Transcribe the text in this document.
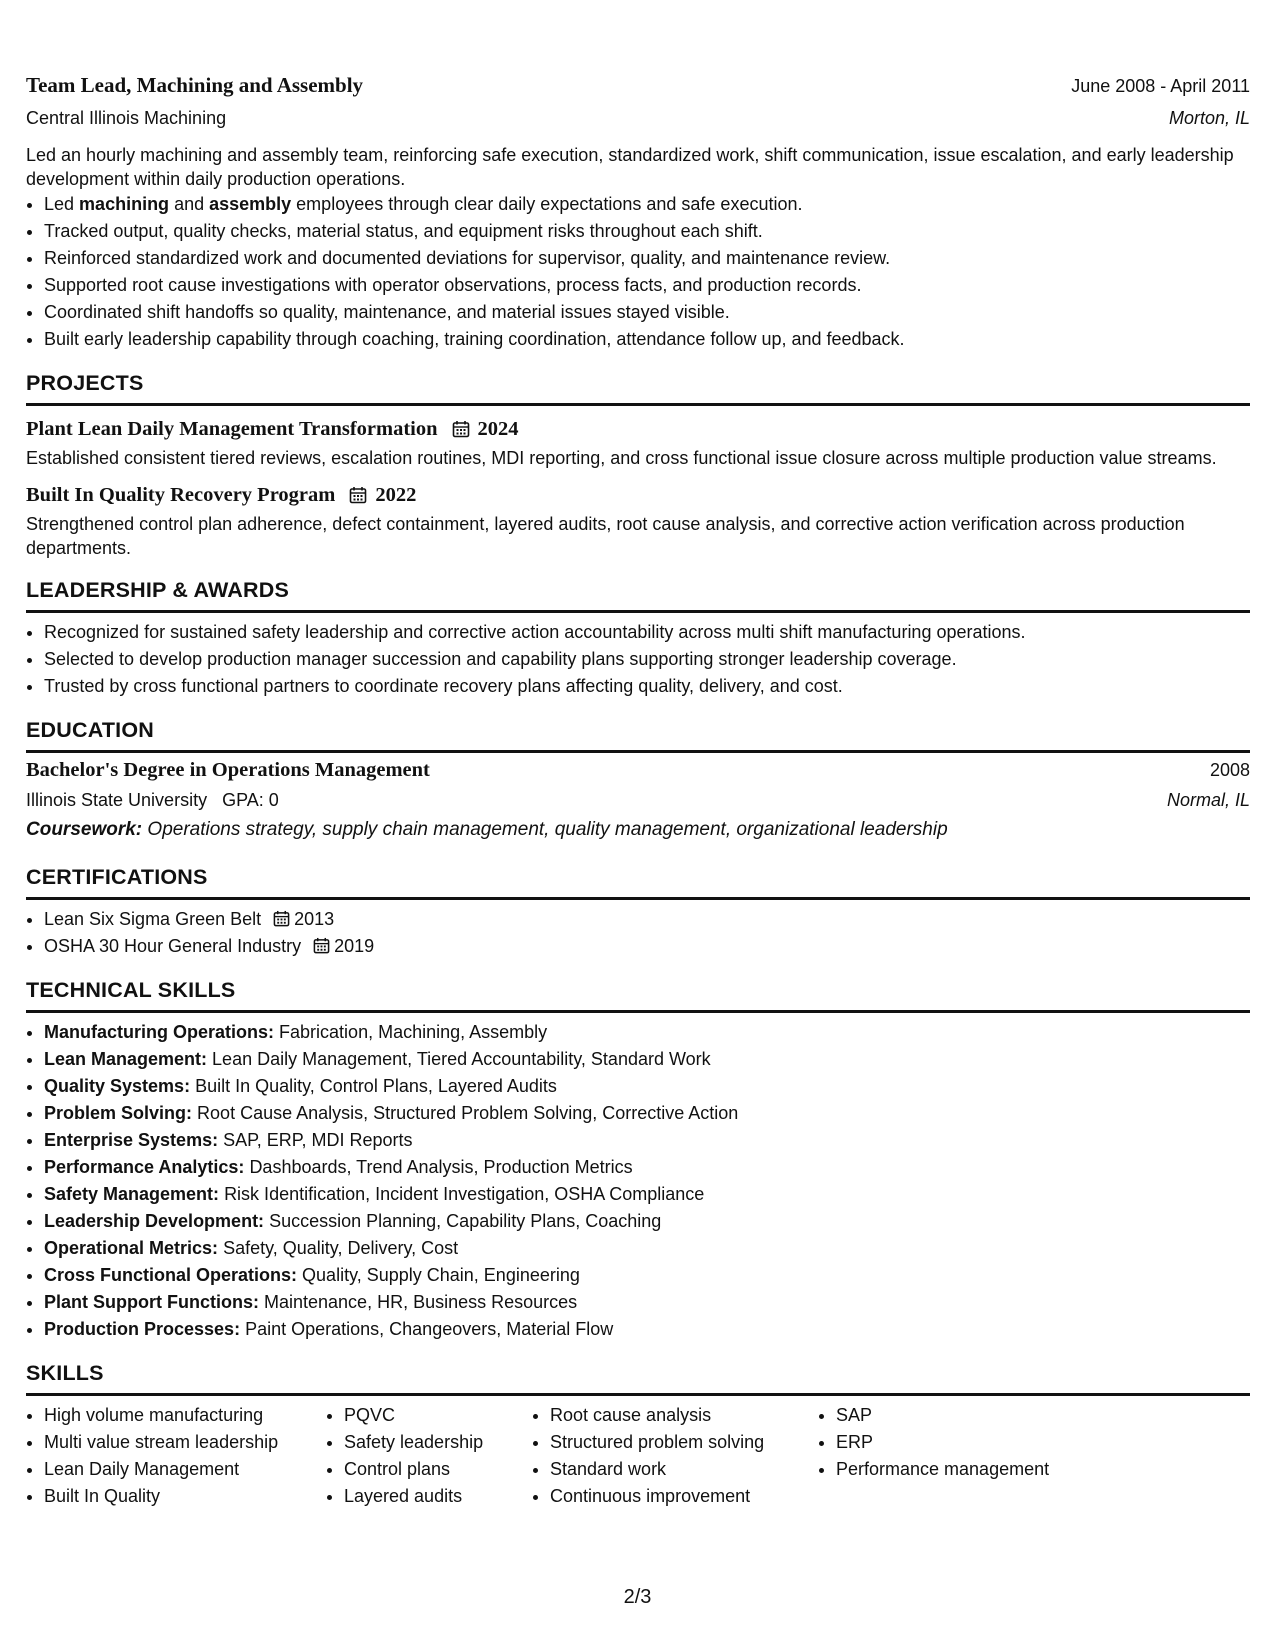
Team Lead, Machining and Assembly	June 2008 - April 2011
Central Illinois Machining	Morton, IL
Led an hourly machining and assembly team, reinforcing safe execution, standardized work, shift communication, issue escalation, and early leadership development within daily production operations.
• Led machining and assembly employees through clear daily expectations and safe execution.
• Tracked output, quality checks, material status, and equipment risks throughout each shift.
• Reinforced standardized work and documented deviations for supervisor, quality, and maintenance review.
• Supported root cause investigations with operator observations, process facts, and production records.
• Coordinated shift handoffs so quality, maintenance, and material issues stayed visible.
• Built early leadership capability through coaching, training coordination, attendance follow up, and feedback.
PROJECTS
Plant Lean Daily Management Transformation 2024
Established consistent tiered reviews, escalation routines, MDI reporting, and cross functional issue closure across multiple production value streams.
Built In Quality Recovery Program 2022
Strengthened control plan adherence, defect containment, layered audits, root cause analysis, and corrective action verification across production departments.
LEADERSHIP & AWARDS
• Recognized for sustained safety leadership and corrective action accountability across multi shift manufacturing operations.
• Selected to develop production manager succession and capability plans supporting stronger leadership coverage.
• Trusted by cross functional partners to coordinate recovery plans affecting quality, delivery, and cost.
EDUCATION
Bachelor's Degree in Operations Management	2008
Illinois State University GPA: 0	Normal, IL
Coursework: Operations strategy, supply chain management, quality management, organizational leadership
CERTIFICATIONS
• Lean Six Sigma Green Belt 2013
• OSHA 30 Hour General Industry 2019
TECHNICAL SKILLS
• Manufacturing Operations: Fabrication, Machining, Assembly
• Lean Management: Lean Daily Management, Tiered Accountability, Standard Work
• Quality Systems: Built In Quality, Control Plans, Layered Audits
• Problem Solving: Root Cause Analysis, Structured Problem Solving, Corrective Action
• Enterprise Systems: SAP, ERP, MDI Reports
• Performance Analytics: Dashboards, Trend Analysis, Production Metrics
• Safety Management: Risk Identification, Incident Investigation, OSHA Compliance
• Leadership Development: Succession Planning, Capability Plans, Coaching
• Operational Metrics: Safety, Quality, Delivery, Cost
• Cross Functional Operations: Quality, Supply Chain, Engineering
• Plant Support Functions: Maintenance, HR, Business Resources
• Production Processes: Paint Operations, Changeovers, Material Flow
SKILLS
• High volume manufacturing
• Multi value stream leadership
• Lean Daily Management
• Built In Quality
• PQVC
• Safety leadership
• Control plans
• Layered audits
• Root cause analysis
• Structured problem solving
• Standard work
• Continuous improvement
• SAP
• ERP
• Performance management
2/3
